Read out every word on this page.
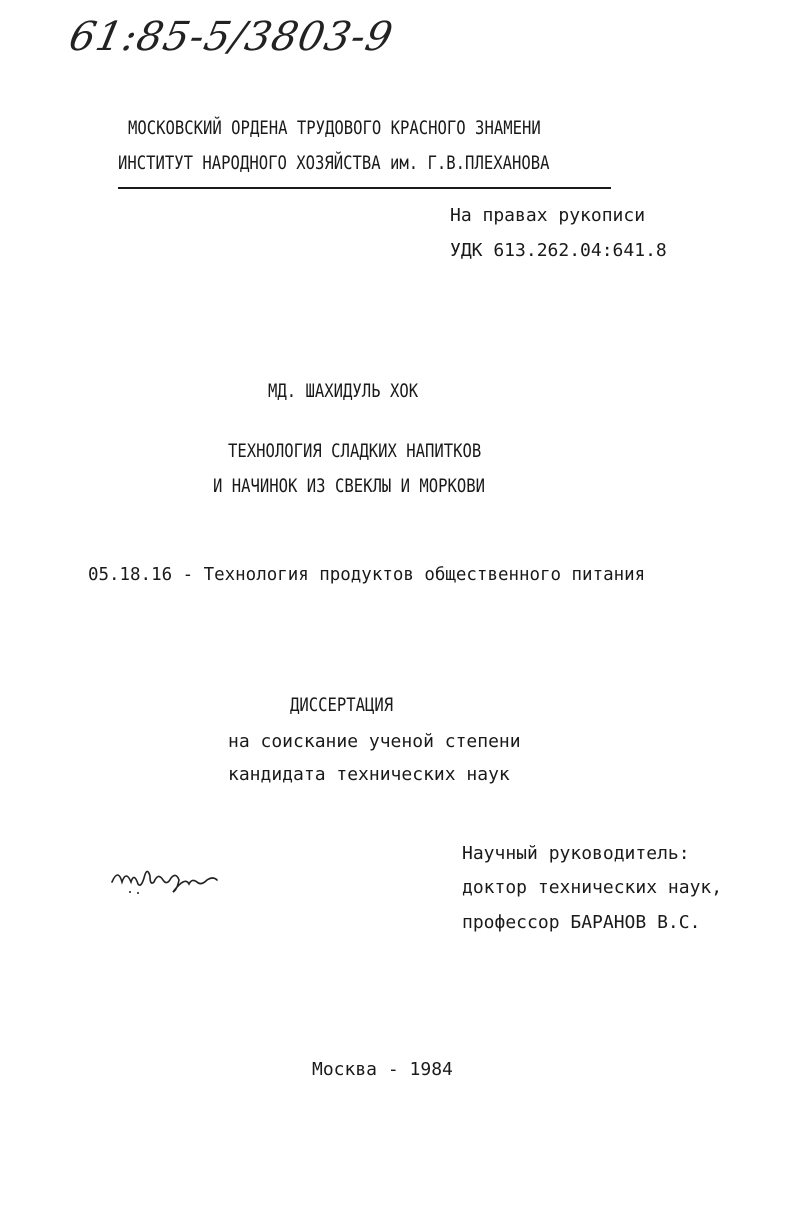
61:85-5/3803-9
МОСКОВСКИЙ ОРДЕНА ТРУДОВОГО КРАСНОГО ЗНАМЕНИ
ИНСТИТУТ НАРОДНОГО ХОЗЯЙСТВА им. Г.В.ПЛЕХАНОВА
На правах рукописи
УДК 613.262.04:641.8
МД. ШАХИДУЛЬ ХОК
ТЕХНОЛОГИЯ СЛАДКИХ НАПИТКОВ
И НАЧИНОК ИЗ СВЕКЛЫ И МОРКОВИ
05.18.16 - Технология продуктов общественного питания
ДИССЕРТАЦИЯ
на соискание ученой степени
кандидата технических наук
Научный руководитель:
доктор технических наук,
профессор БАРАНОВ В.С.
Москва - 1984
